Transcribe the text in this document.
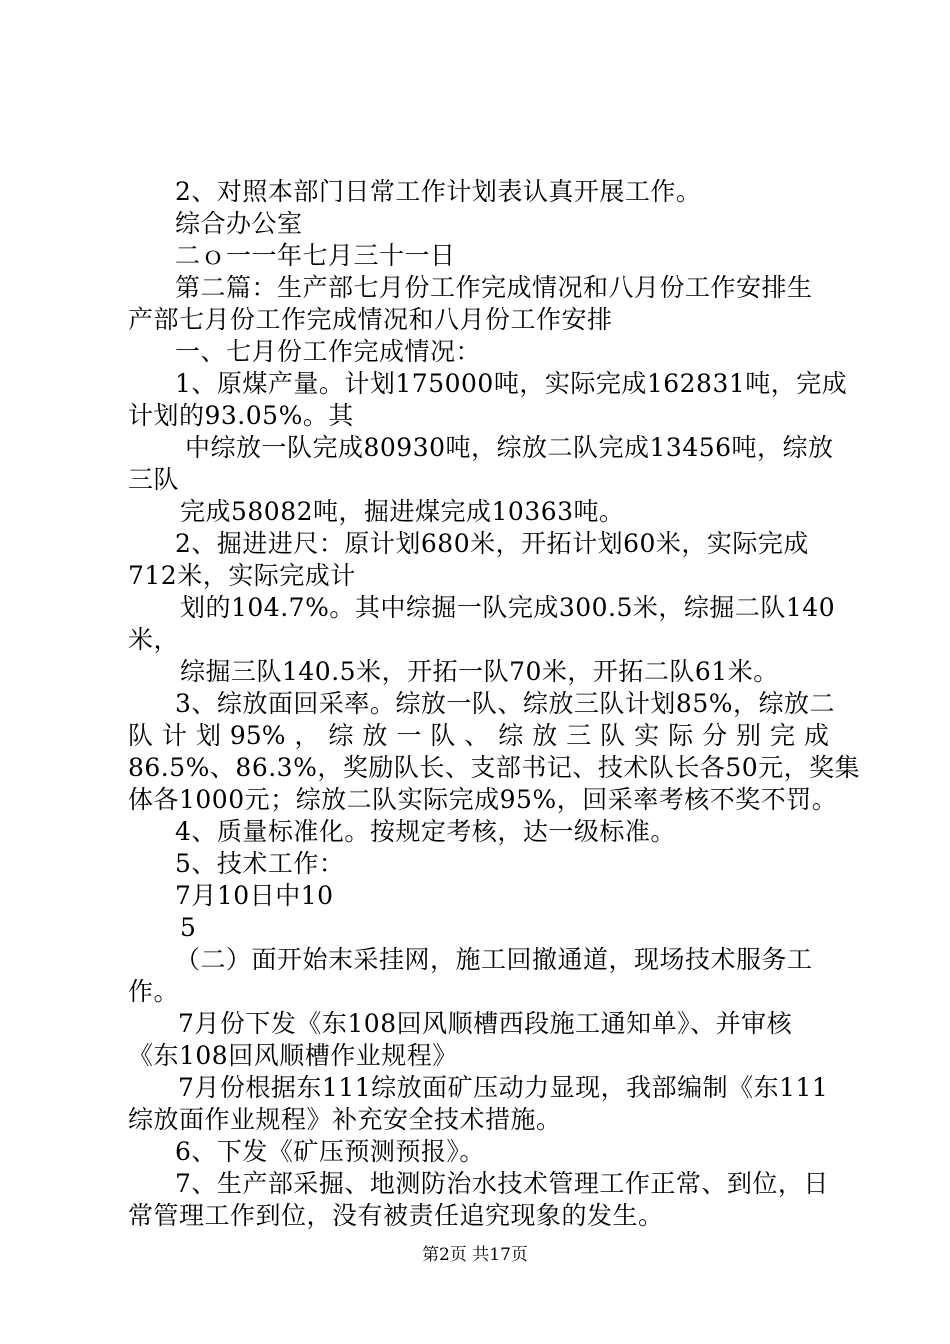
2、对照本部门日常工作计划表认真开展工作。
综合办公室
二ｏ一一年七月三十一日
第二篇：生产部七月份工作完成情况和八月份工作安排生
产部七月份工作完成情况和八月份工作安排
一、七月份工作完成情况：
1、原煤产量。计划175000吨，实际完成162831吨，完成
计划的93.05%。其
中综放一队完成80930吨，综放二队完成13456吨，综放
三队
完成58082吨，掘进煤完成10363吨。
2、掘进进尺：原计划680米，开拓计划60米，实际完成
712米，实际完成计
划的104.7%。其中综掘一队完成300.5米，综掘二队140
米，
综掘三队140.5米，开拓一队70米，开拓二队61米。
3、综放面回采率。综放一队、综放三队计划85%，综放二
队 计 划 95% ， 综 放 一 队 、 综 放 三 队 实 际 分 别 完 成
86.5%、86.3%，奖励队长、支部书记、技术队长各50元，奖集
体各1000元；综放二队实际完成95%，回采率考核不奖不罚。
4、质量标准化。按规定考核，达一级标准。
5、技术工作：
7月10日中10
5
（二）面开始末采挂网，施工回撤通道，现场技术服务工
作。
7月份下发《东108回风顺槽西段施工通知单》、并审核
《东108回风顺槽作业规程》
7月份根据东111综放面矿压动力显现，我部编制《东111
综放面作业规程》补充安全技术措施。
6、下发《矿压预测预报》。
7、生产部采掘、地测防治水技术管理工作正常、到位，日
常管理工作到位，没有被责任追究现象的发生。
第2页 共17页
